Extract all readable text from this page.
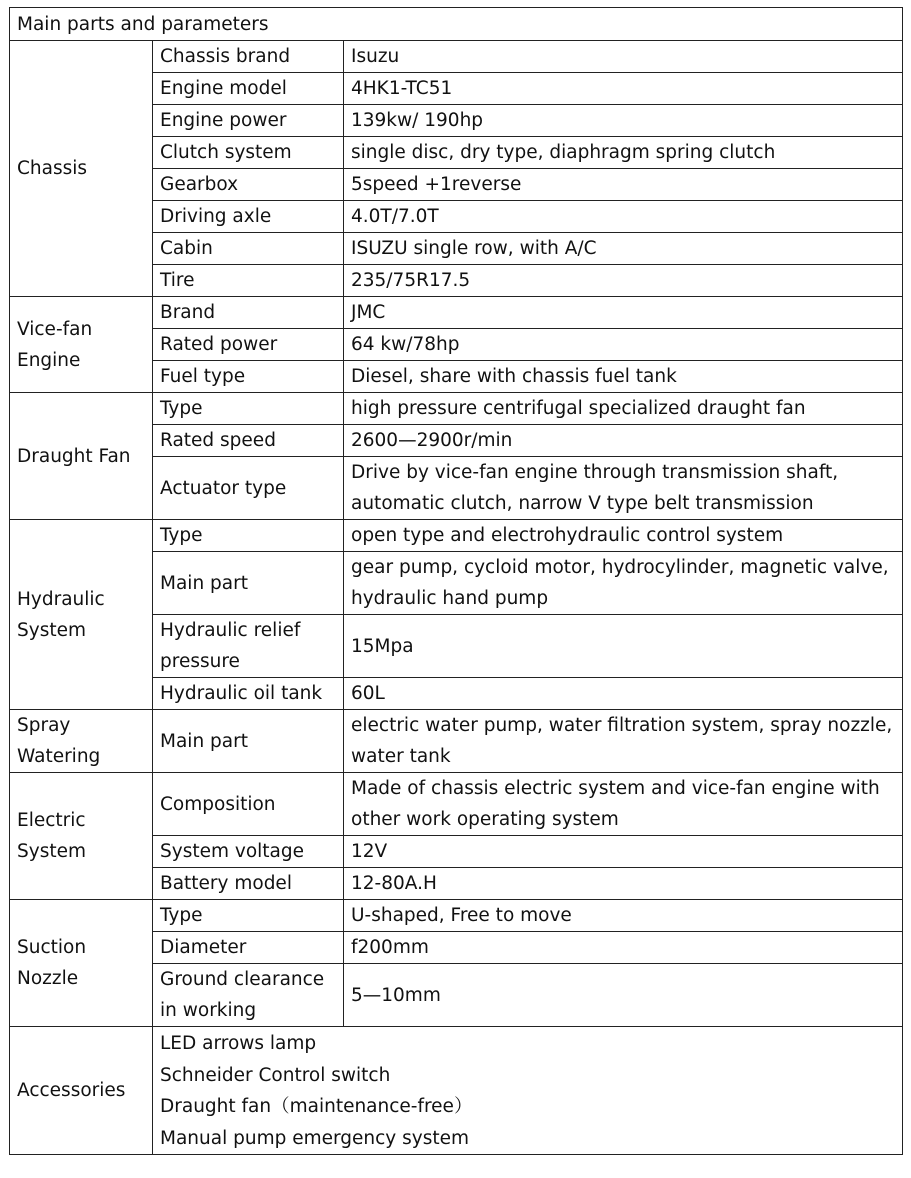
Main parts and parameters		
Chassis	Chassis brand	Isuzu
	Engine model	4HK1-TC51
	Engine power	139kw/ 190hp
	Clutch system	single disc, dry type, diaphragm spring clutch
	Gearbox	5speed +1reverse
	Driving axle	4.0T/7.0T
	Cabin	ISUZU single row, with A/C
	Tire	235/75R17.5
Vice-fan Engine	Brand	JMC
	Rated power	64 kw/78hp
	Fuel type	Diesel, share with chassis fuel tank
Draught Fan	Type	high pressure centrifugal specialized draught fan
	Rated speed	2600—2900r/min
	Actuator type	Drive by vice-fan engine through transmission shaft, automatic clutch, narrow V type belt transmission
Hydraulic System	Type	open type and electrohydraulic control system
	Main part	gear pump, cycloid motor, hydrocylinder, magnetic valve, hydraulic hand pump
	Hydraulic relief pressure	15Mpa
	Hydraulic oil tank	60L
Spray Watering	Main part	electric water pump, water filtration system, spray nozzle, water tank
Electric System	Composition	Made of chassis electric system and vice-fan engine with other work operating system
	System voltage	12V
	Battery model	12-80A.H
Suction Nozzle	Type	U-shaped, Free to move
	Diameter	f200mm
	Ground clearance in working	5—10mm
Accessories	LED arrows lamp
Schneider Control switch
Draught fan（maintenance-free）
Manual pump emergency system	
